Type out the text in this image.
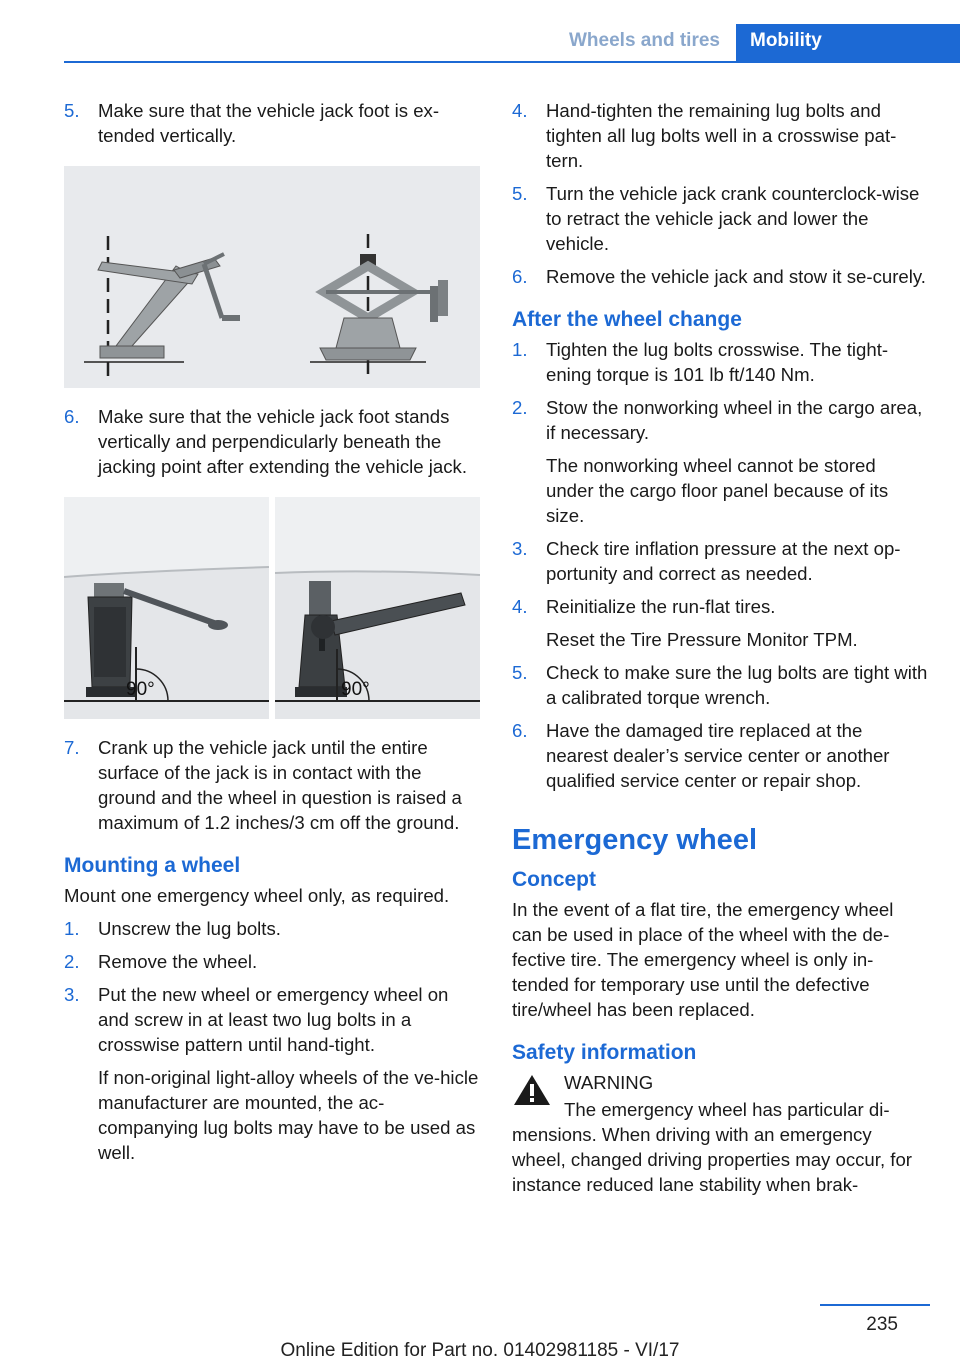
Wheels and tires	Mobility
5. Make sure that the vehicle jack foot is ex-tended vertically.

6. Make sure that the vehicle jack foot stands vertically and perpendicularly beneath the jacking point after extending the vehicle jack.

90°	90°
7. Crank up the vehicle jack until the entire surface of the jack is in contact with the ground and the wheel in question is raised a maximum of 1.2 inches/3 cm off the ground.

Mounting a wheel

Mount one emergency wheel only, as required.

1. Unscrew the lug bolts.

2. Remove the wheel.

3. Put the new wheel or emergency wheel on and screw in at least two lug bolts in a crosswise pattern until hand-tight.

If non-original light-alloy wheels of the ve-hicle manufacturer are mounted, the ac-companying lug bolts may have to be used as well.

4. Hand-tighten the remaining lug bolts and tighten all lug bolts well in a crosswise pat-tern.

5. Turn the vehicle jack crank counterclock-wise to retract the vehicle jack and lower the vehicle.

6. Remove the vehicle jack and stow it se-curely.

After the wheel change
1. Tighten the lug bolts crosswise. The tight-ening torque is 101 lb ft/140 Nm.

2. Stow the nonworking wheel in the cargo area, if necessary.

The nonworking wheel cannot be stored under the cargo floor panel because of its size.

3. Check tire inflation pressure at the next op-portunity and correct as needed.

4. Reinitialize the run-flat tires.

Reset the Tire Pressure Monitor TPM.

5. Check to make sure the lug bolts are tight with a calibrated torque wrench.

6. Have the damaged tire replaced at the nearest dealer’s service center or another qualified service center or repair shop.

Emergency wheel
Concept

In the event of a flat tire, the emergency wheel can be used in place of the wheel with the de-fective tire. The emergency wheel is only in-tended for temporary use until the defective tire/wheel has been replaced.

Safety information
WARNING

The emergency wheel has particular di-mensions. When driving with an emergency wheel, changed driving properties may occur, for instance reduced lane stability when brak-

235
Online Edition for Part no. 01402981185 - VI/17
